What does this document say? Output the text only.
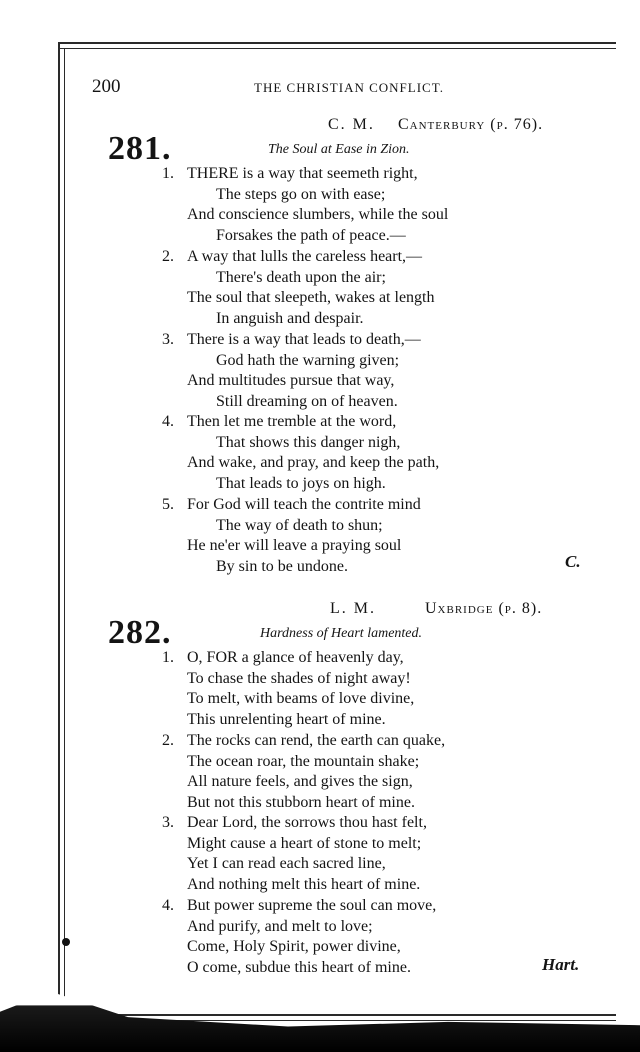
200	THE CHRISTIAN CONFLICT.
281.
C. M. Canterbury (p. 76).
The Soul at Ease in Zion.
C.
1. THERE is a way that seemeth right,
The steps go on with ease;
And conscience slumbers, while the soul
Forsakes the path of peace.—
2. A way that lulls the careless heart,—
There's death upon the air;
The soul that sleepeth, wakes at length
In anguish and despair.
3. There is a way that leads to death,—
God hath the warning given;
And multitudes pursue that way,
Still dreaming on of heaven.
4. Then let me tremble at the word,
That shows this danger nigh,
And wake, and pray, and keep the path,
That leads to joys on high.
5. For God will teach the contrite mind
The way of death to shun;
He ne'er will leave a praying soul
By sin to be undone.
282.
L. M.	Uxbridge (p. 8).
Hardness of Heart lamented.
Hart.
1. O, FOR a glance of heavenly day,
To chase the shades of night away!
To melt, with beams of love divine,
This unrelenting heart of mine.
2. The rocks can rend, the earth can quake,
The ocean roar, the mountain shake;
All nature feels, and gives the sign,
But not this stubborn heart of mine.
3. Dear Lord, the sorrows thou hast felt,
Might cause a heart of stone to melt;
Yet I can read each sacred line,
And nothing melt this heart of mine.
4. But power supreme the soul can move,
And purify, and melt to love;
Come, Holy Spirit, power divine,
O come, subdue this heart of mine.
